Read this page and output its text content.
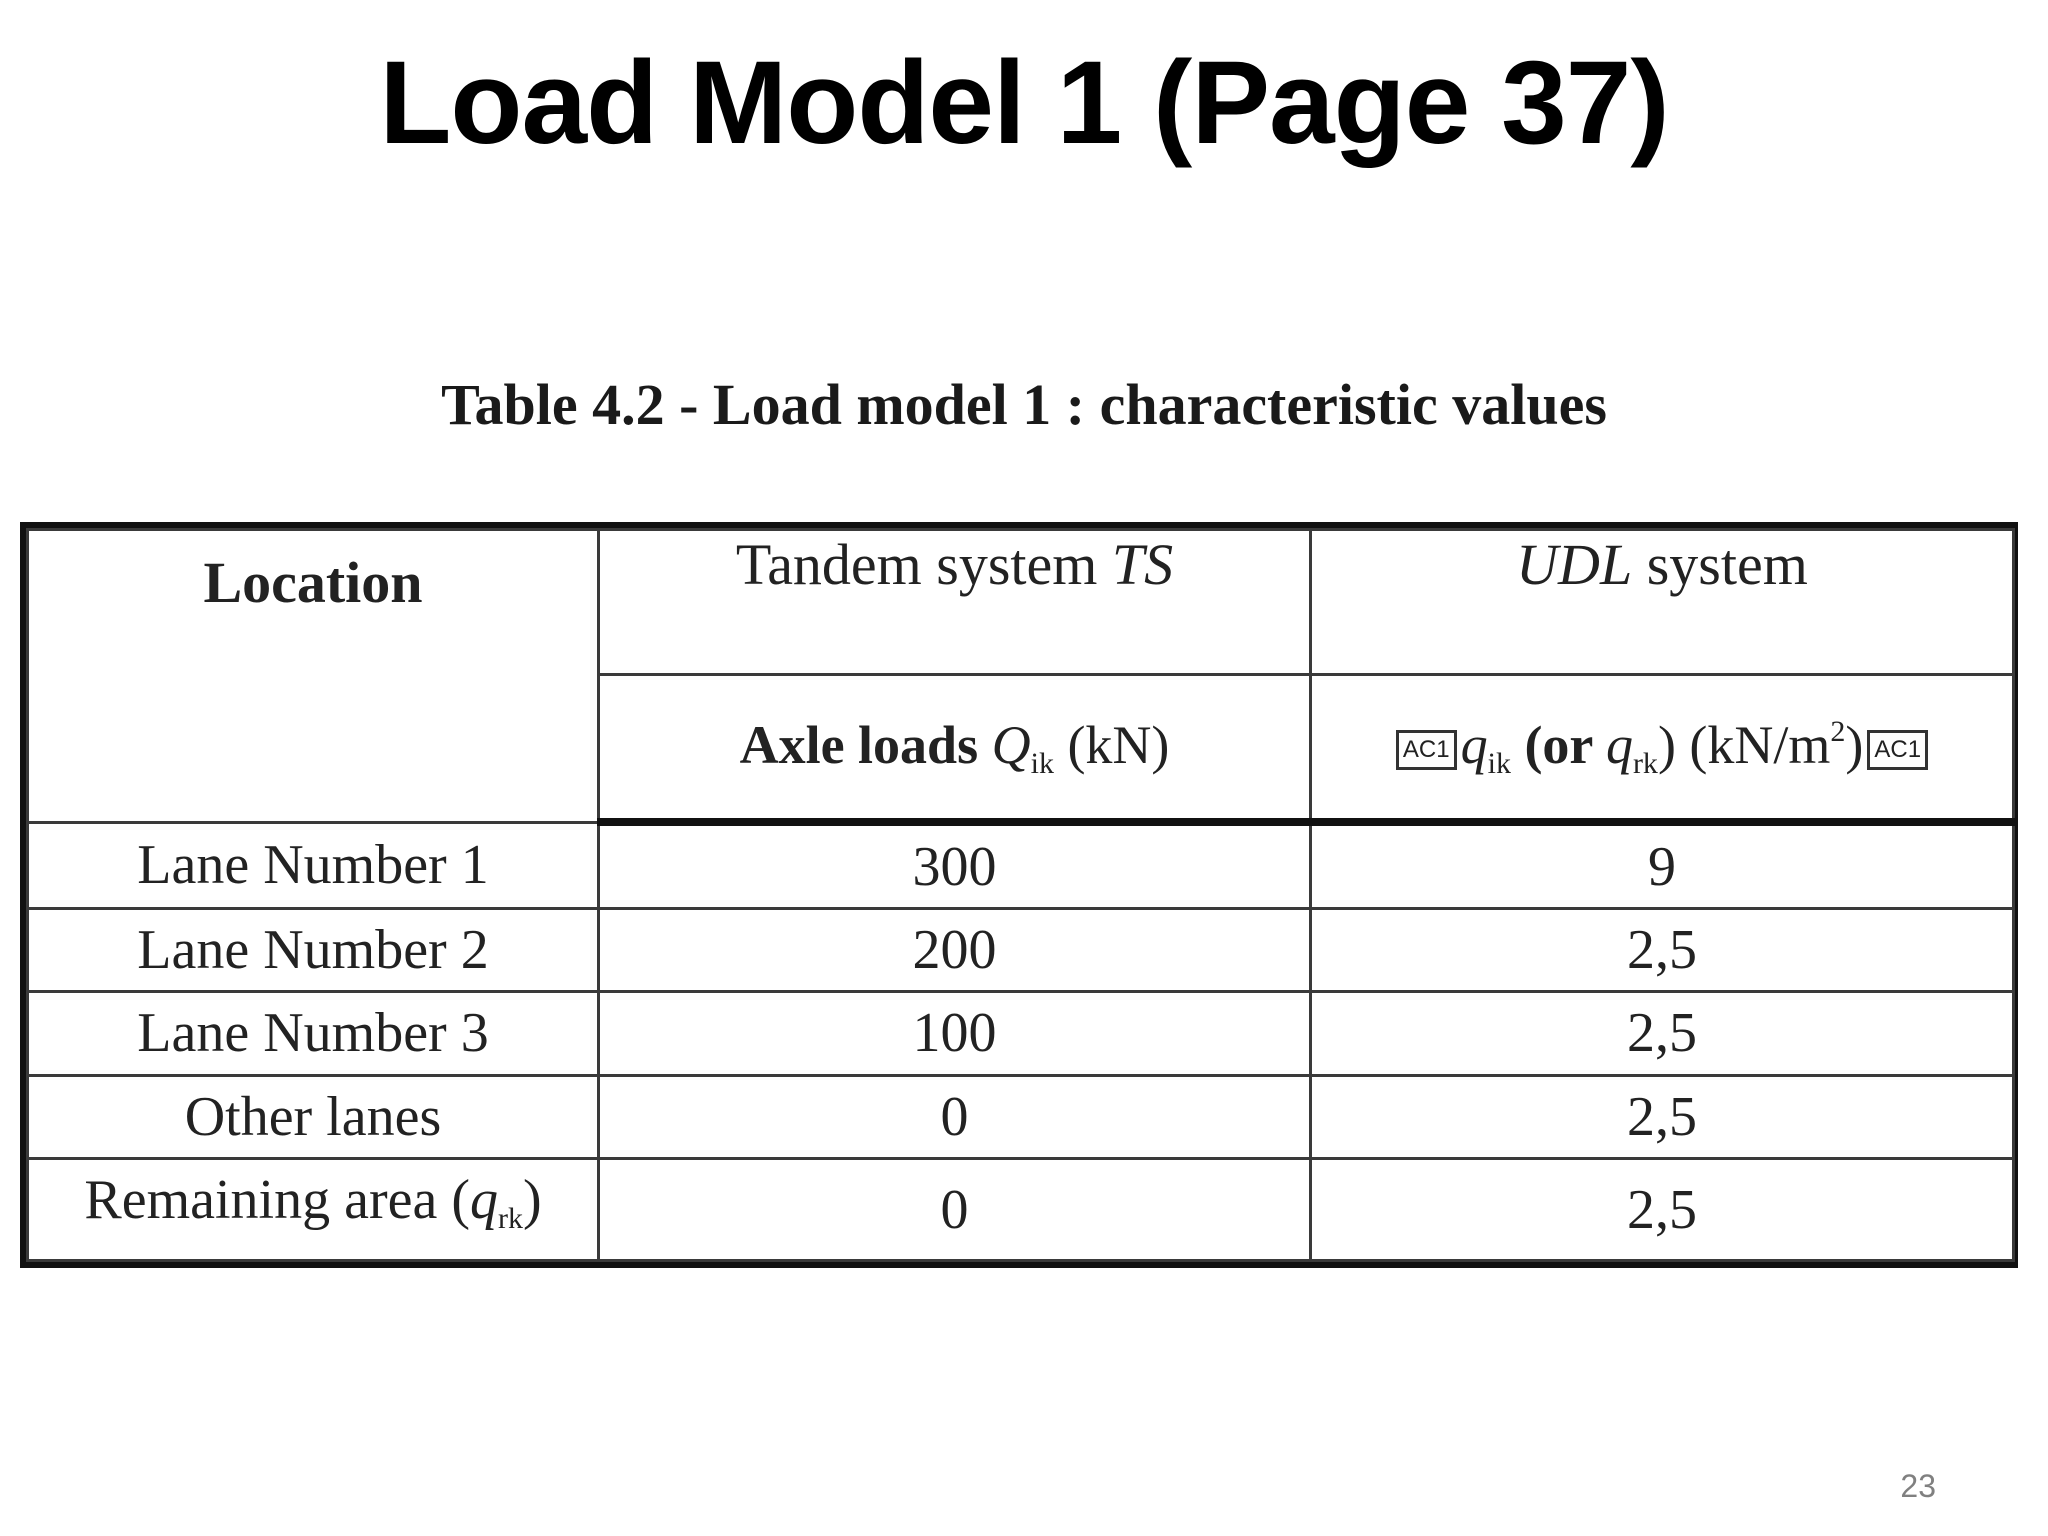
Load Model 1 (Page 37)
Table 4.2 - Load model 1 : characteristic values
Location	Tandem system TS	UDL system
	Axle loads $Q_{ik}$ (kN)	AC1 $q_{ik}$ (or $q_{rk}$) $(kN/m^2)$ AC1
Lane Number 1	300	9
Lane Number 2	200	2,5
Lane Number 3	100	2,5
Other lanes	0	2,5
Remaining area $(q_{rk})$	0	2,5
23
